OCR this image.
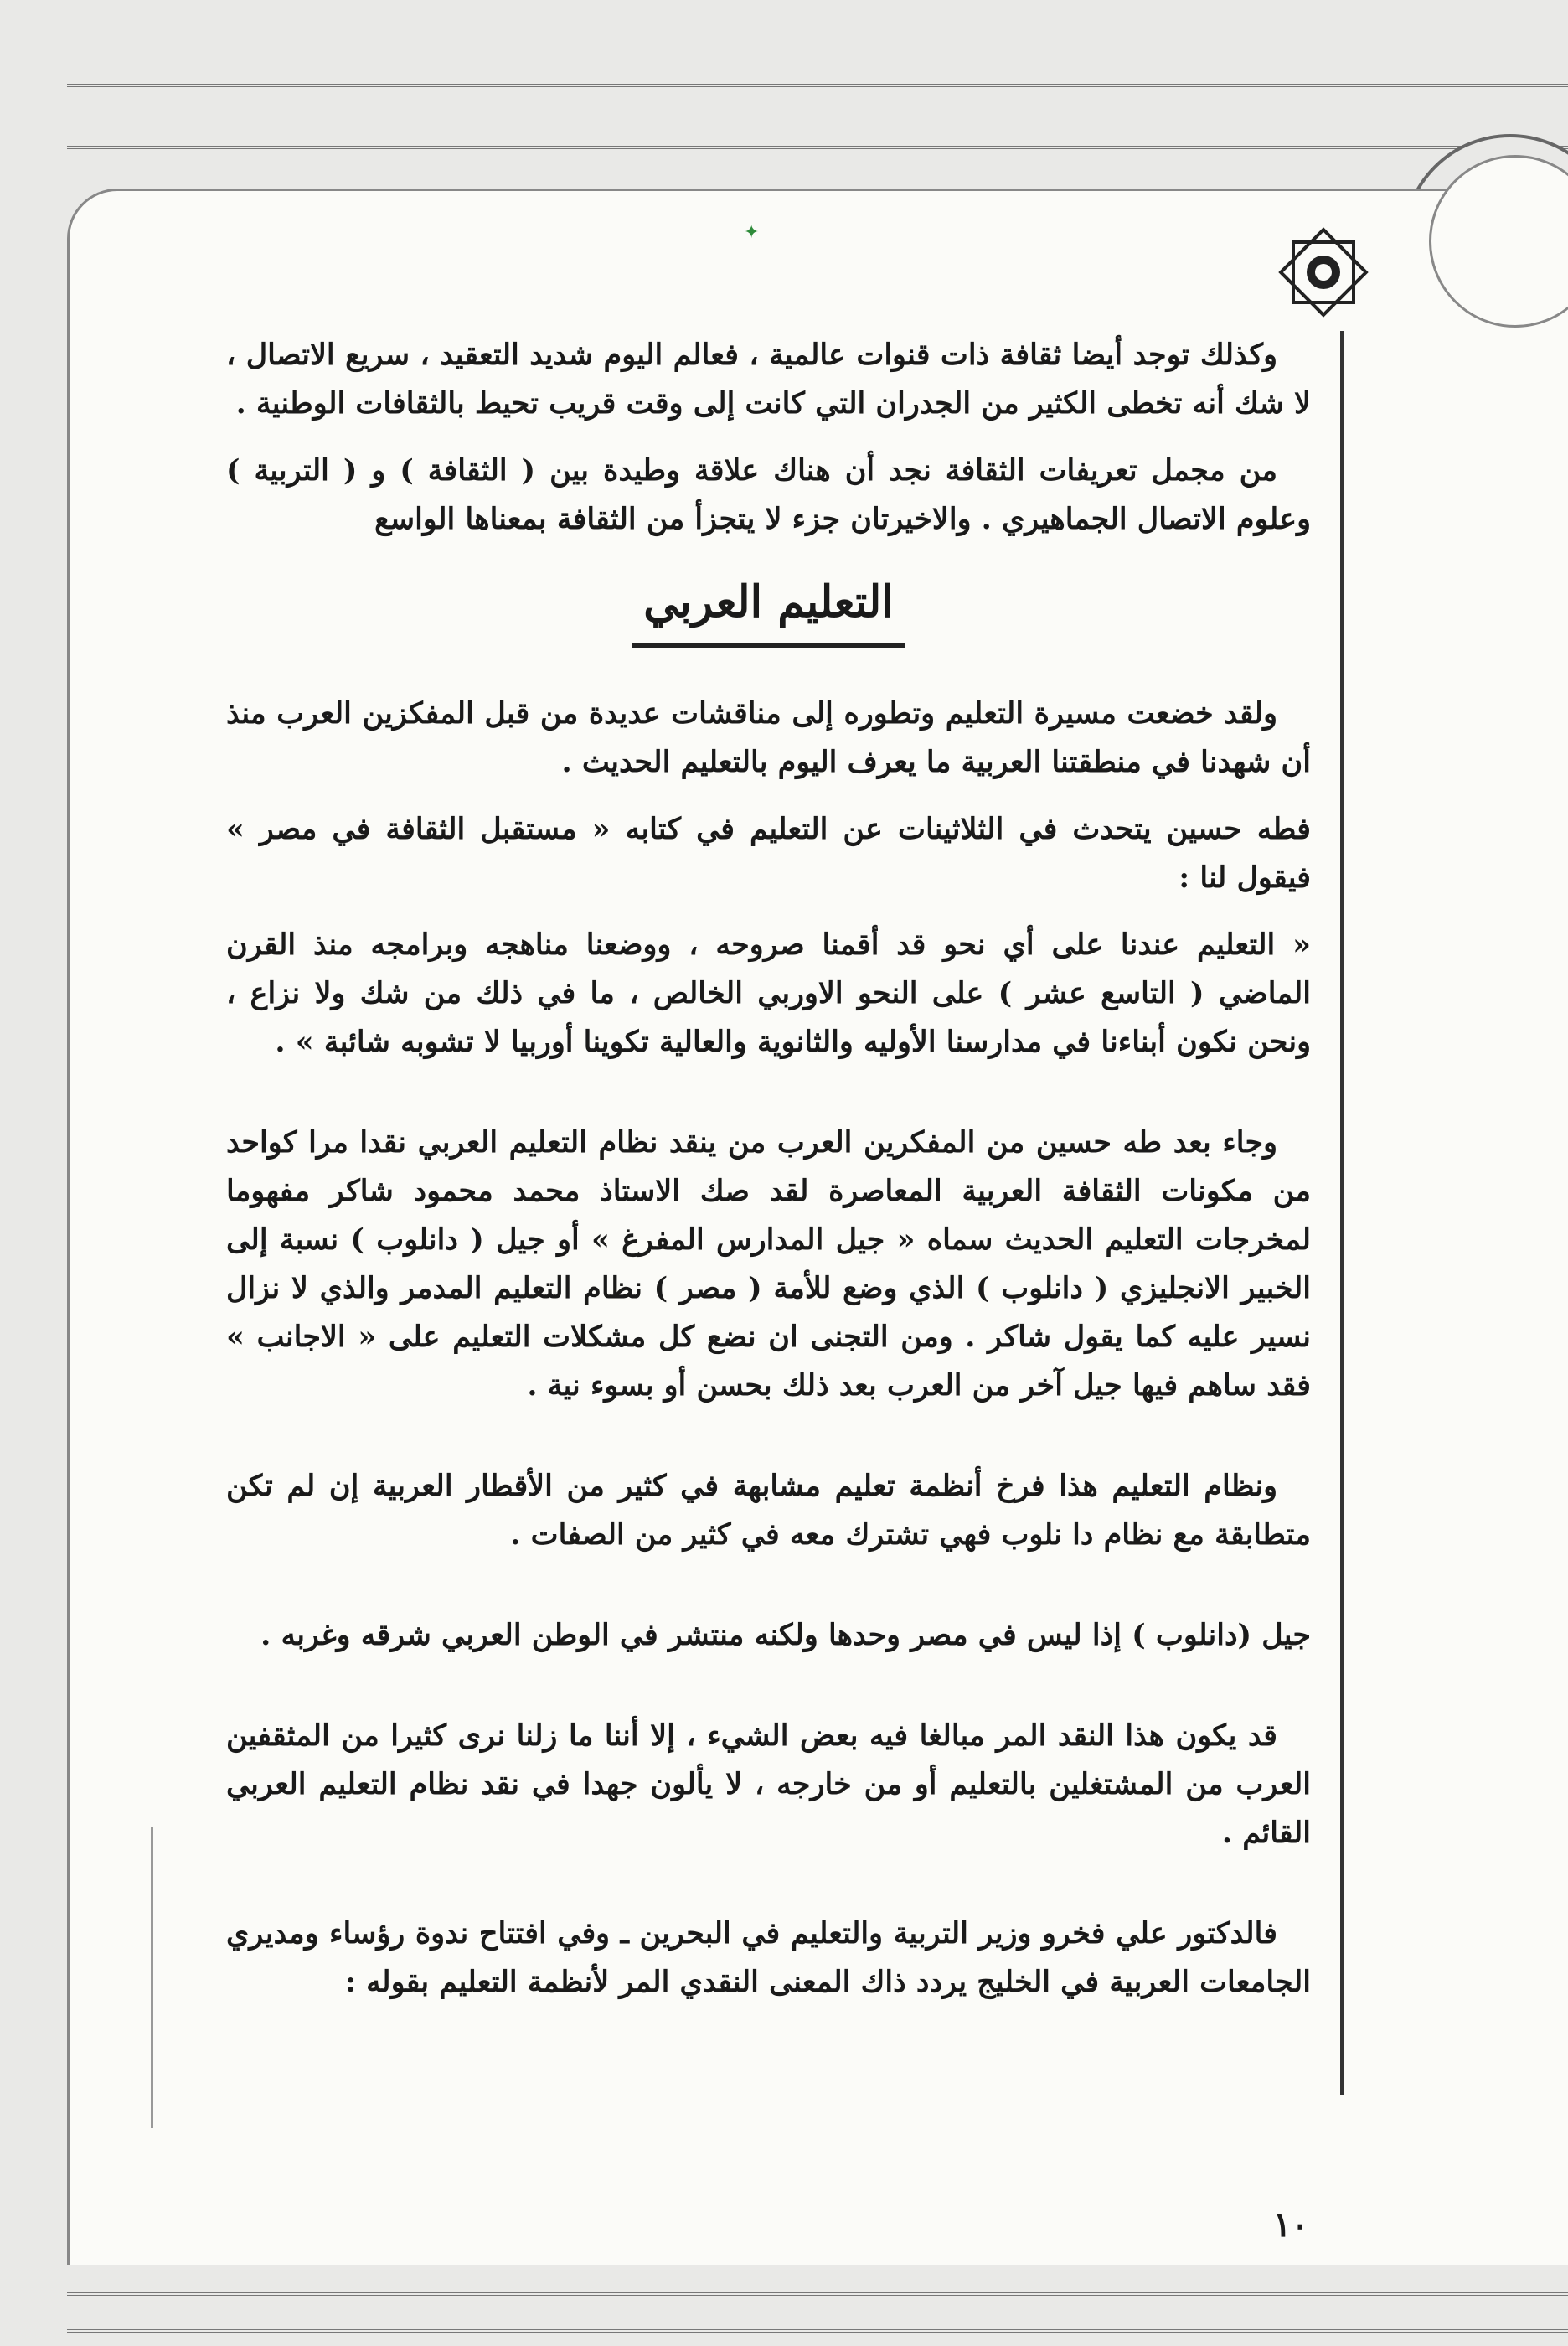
✦

وكذلك توجد أيضا ثقافة ذات قنوات عالمية ، فعالم اليوم شديد التعقيد ، سريع الاتصال ، لا شك أنه تخطى الكثير من الجدران التي كانت إلى وقت قريب تحيط بالثقافات الوطنية .

من مجمل تعريفات الثقافة نجد أن هناك علاقة وطيدة بين ( الثقافة ) و ( التربية ) وعلوم الاتصال الجماهيري . والاخيرتان جزء لا يتجزأ من الثقافة بمعناها الواسع

التعليم العربي

ولقد خضعت مسيرة التعليم وتطوره إلى مناقشات عديدة من قبل المفكزين العرب منذ أن شهدنا في منطقتنا العربية ما يعرف اليوم بالتعليم الحديث .

فطه حسين يتحدث في الثلاثينات عن التعليم في كتابه « مستقبل الثقافة في مصر » فيقول لنا :

« التعليم عندنا على أي نحو قد أقمنا صروحه ، ووضعنا مناهجه وبرامجه منذ القرن الماضي ( التاسع عشر ) على النحو الاوربي الخالص ، ما في ذلك من شك ولا نزاع ، ونحن نكون أبناءنا في مدارسنا الأوليه والثانوية والعالية تكوينا أوربيا لا تشوبه شائبة » .

وجاء بعد طه حسين من المفكرين العرب من ينقد نظام التعليم العربي نقدا مرا كواحد من مكونات الثقافة العربية المعاصرة لقد صك الاستاذ محمد محمود شاكر مفهوما لمخرجات التعليم الحديث سماه « جيل المدارس المفرغ » أو جيل ( دانلوب ) نسبة إلى الخبير الانجليزي ( دانلوب ) الذي وضع للأمة ( مصر ) نظام التعليم المدمر والذي لا نزال نسير عليه كما يقول شاكر . ومن التجنى ان نضع كل مشكلات التعليم على « الاجانب » فقد ساهم فيها جيل آخر من العرب بعد ذلك بحسن أو بسوء نية .

ونظام التعليم هذا فرخ أنظمة تعليم مشابهة في كثير من الأقطار العربية إن لم تكن متطابقة مع نظام دا نلوب فهي تشترك معه في كثير من الصفات .

جيل (دانلوب ) إذا ليس في مصر وحدها ولكنه منتشر في الوطن العربي شرقه وغربه .

قد يكون هذا النقد المر مبالغا فيه بعض الشيء ، إلا أننا ما زلنا نرى كثيرا من المثقفين العرب من المشتغلين بالتعليم أو من خارجه ، لا يألون جهدا في نقد نظام التعليم العربي القائم .

فالدكتور علي فخرو وزير التربية والتعليم في البحرين ـ وفي افتتاح ندوة رؤساء ومديري الجامعات العربية في الخليج يردد ذاك المعنى النقدي المر لأنظمة التعليم بقوله :

١٠
